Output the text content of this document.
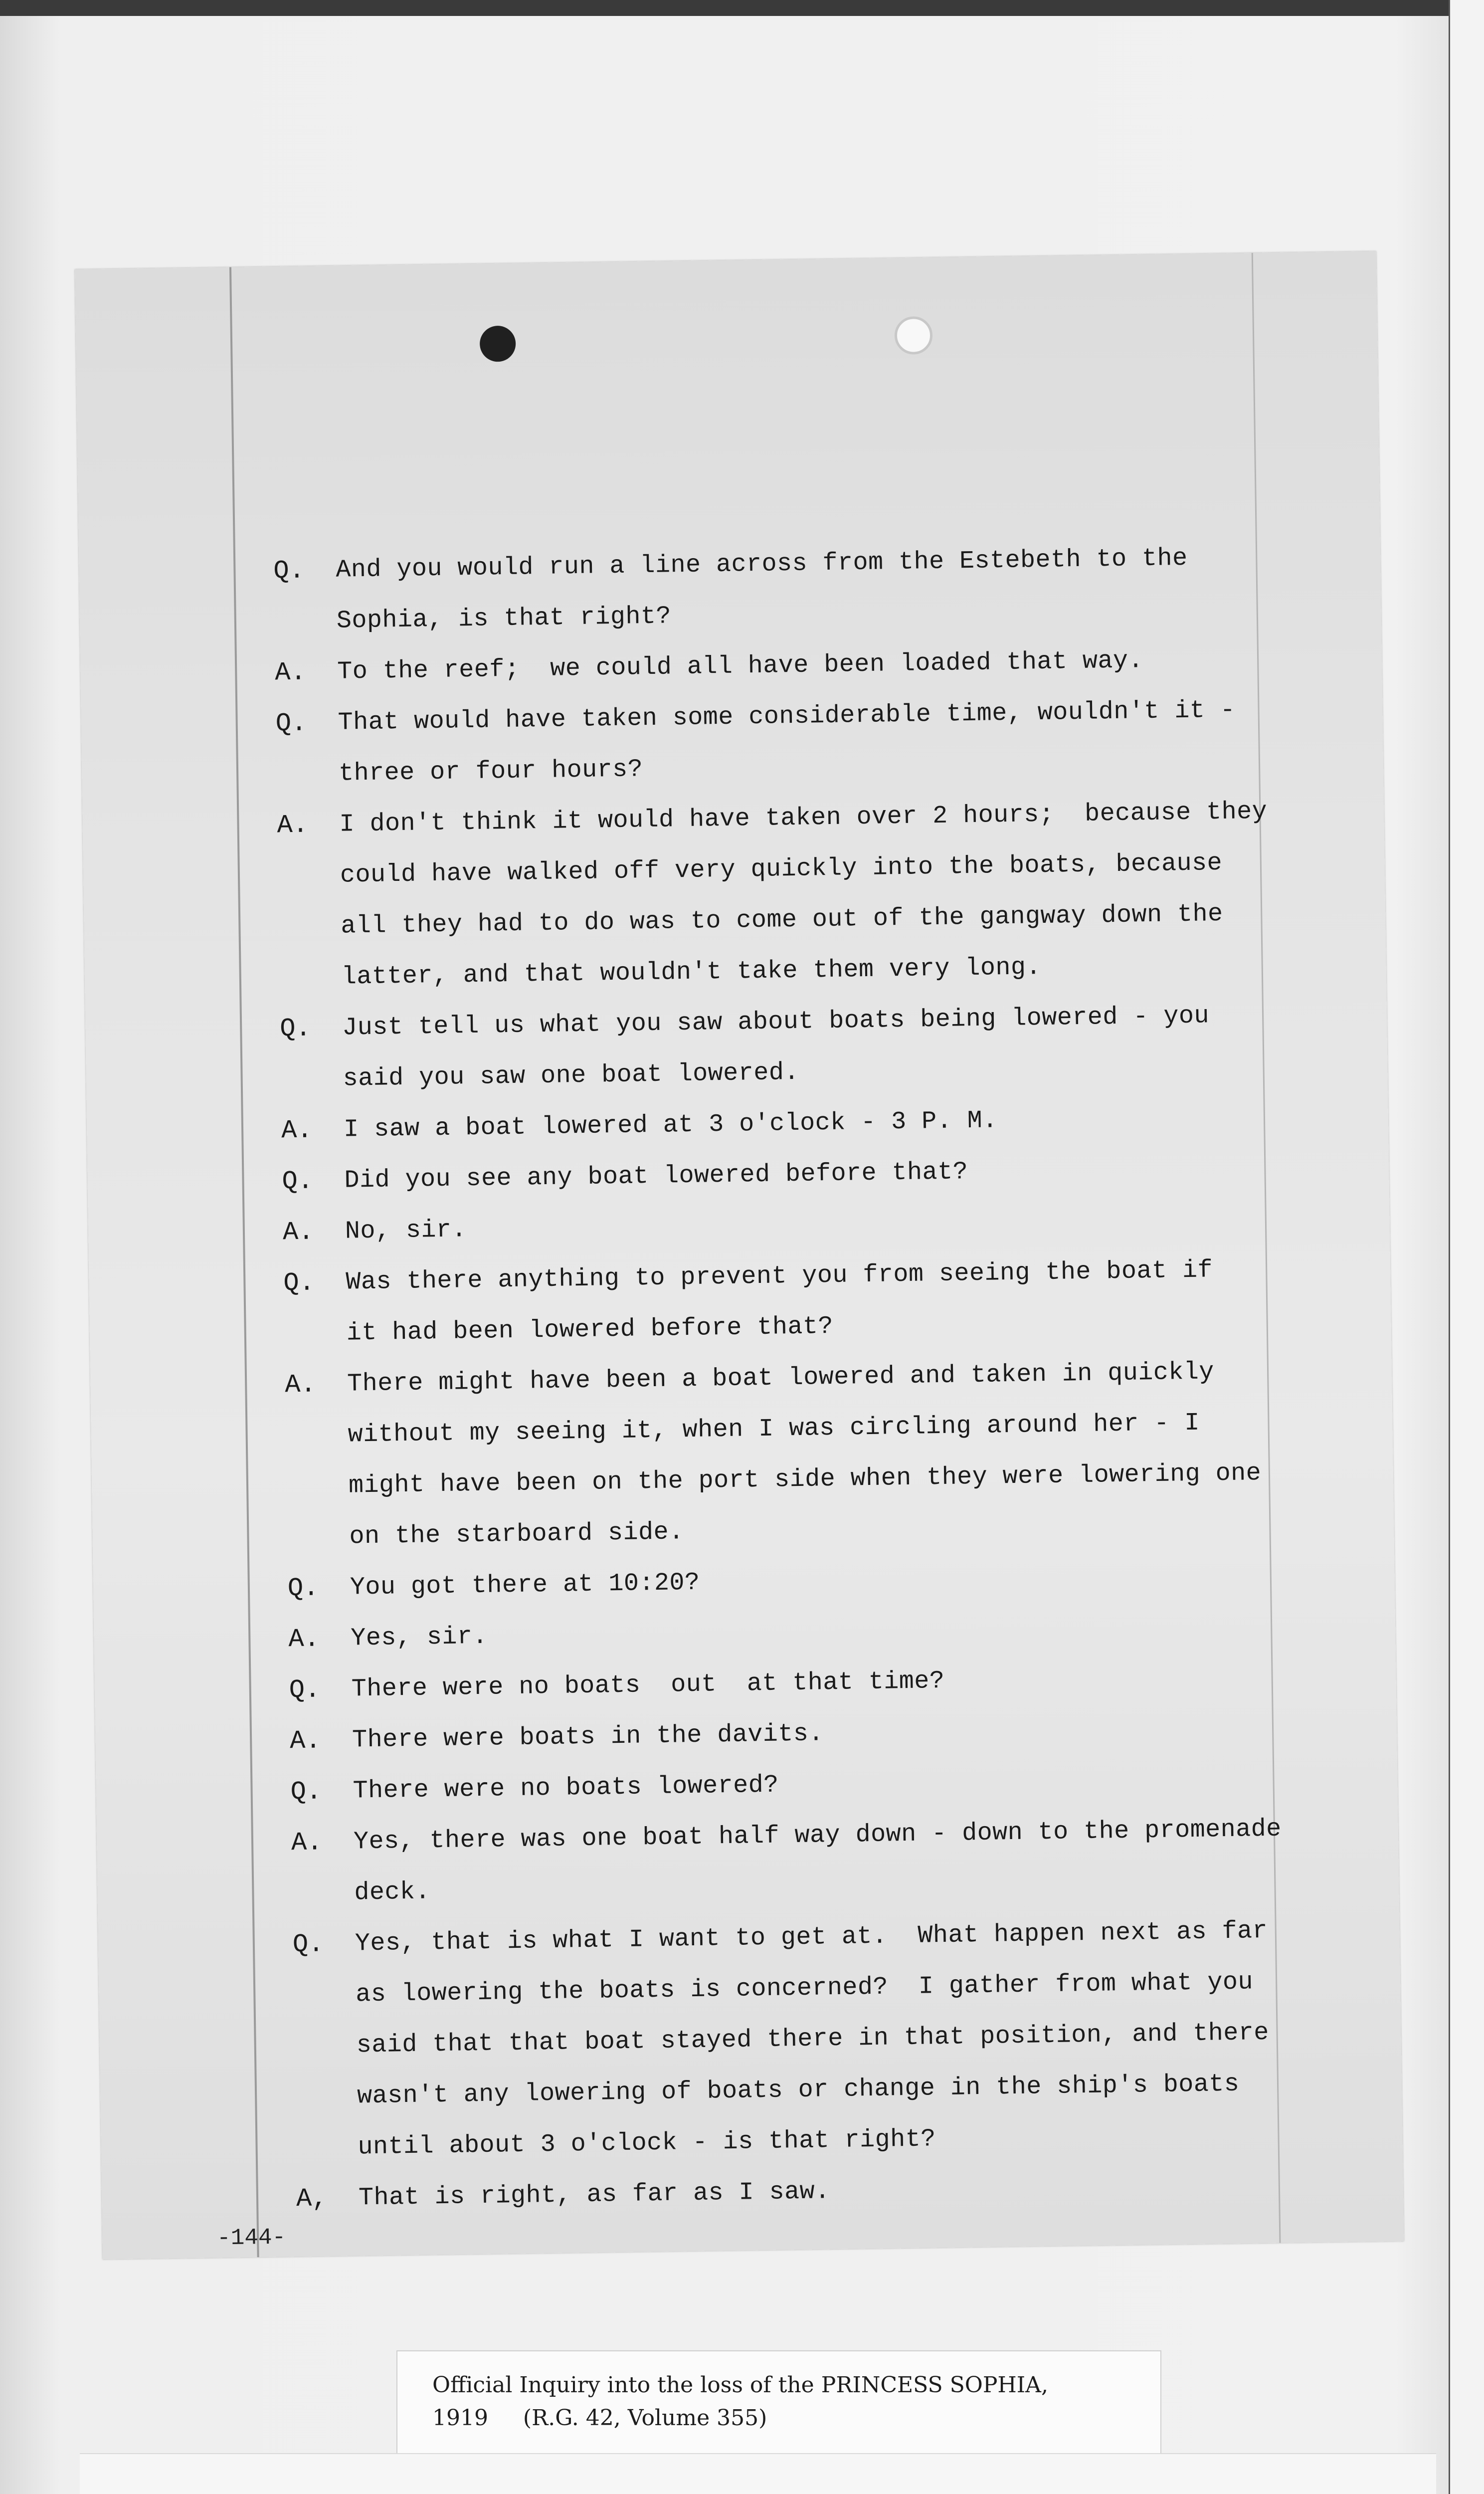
Q.	And you would run a line across from the Estebeth to the
Sophia, is that right?
A.	To the reef;  we could all have been loaded that way.
Q.	That would have taken some considerable time, wouldn't it -
three or four hours?
A.	I don't think it would have taken over 2 hours;  because they
could have walked off very quickly into the boats, because
all they had to do was to come out of the gangway down the
latter, and that wouldn't take them very long.
Q.	Just tell us what you saw about boats being lowered - you
said you saw one boat lowered.
A.	I saw a boat lowered at 3 o'clock - 3 P. M.
Q.	Did you see any boat lowered before that?
A.	No, sir.
Q.	Was there anything to prevent you from seeing the boat if
it had been lowered before that?
A.	There might have been a boat lowered and taken in quickly
without my seeing it, when I was circling around her - I
might have been on the port side when they were lowering one
on the starboard side.
Q.	You got there at 10:20?
A.	Yes, sir.
Q.	There were no boats  out  at that time?
A.	There were boats in the davits.
Q.	There were no boats lowered?
A.	Yes, there was one boat half way down - down to the promenade
deck.
Q.	Yes, that is what I want to get at.  What happen next as far
as lowering the boats is concerned?  I gather from what you
said that that boat stayed there in that position, and there
wasn't any lowering of boats or change in the ship's boats
until about 3 o'clock - is that right?
A,	That is right, as far as I saw.
-144-
Official Inquiry into the loss of the PRINCESS SOPHIA,
1919     (R.G. 42, Volume 355)
